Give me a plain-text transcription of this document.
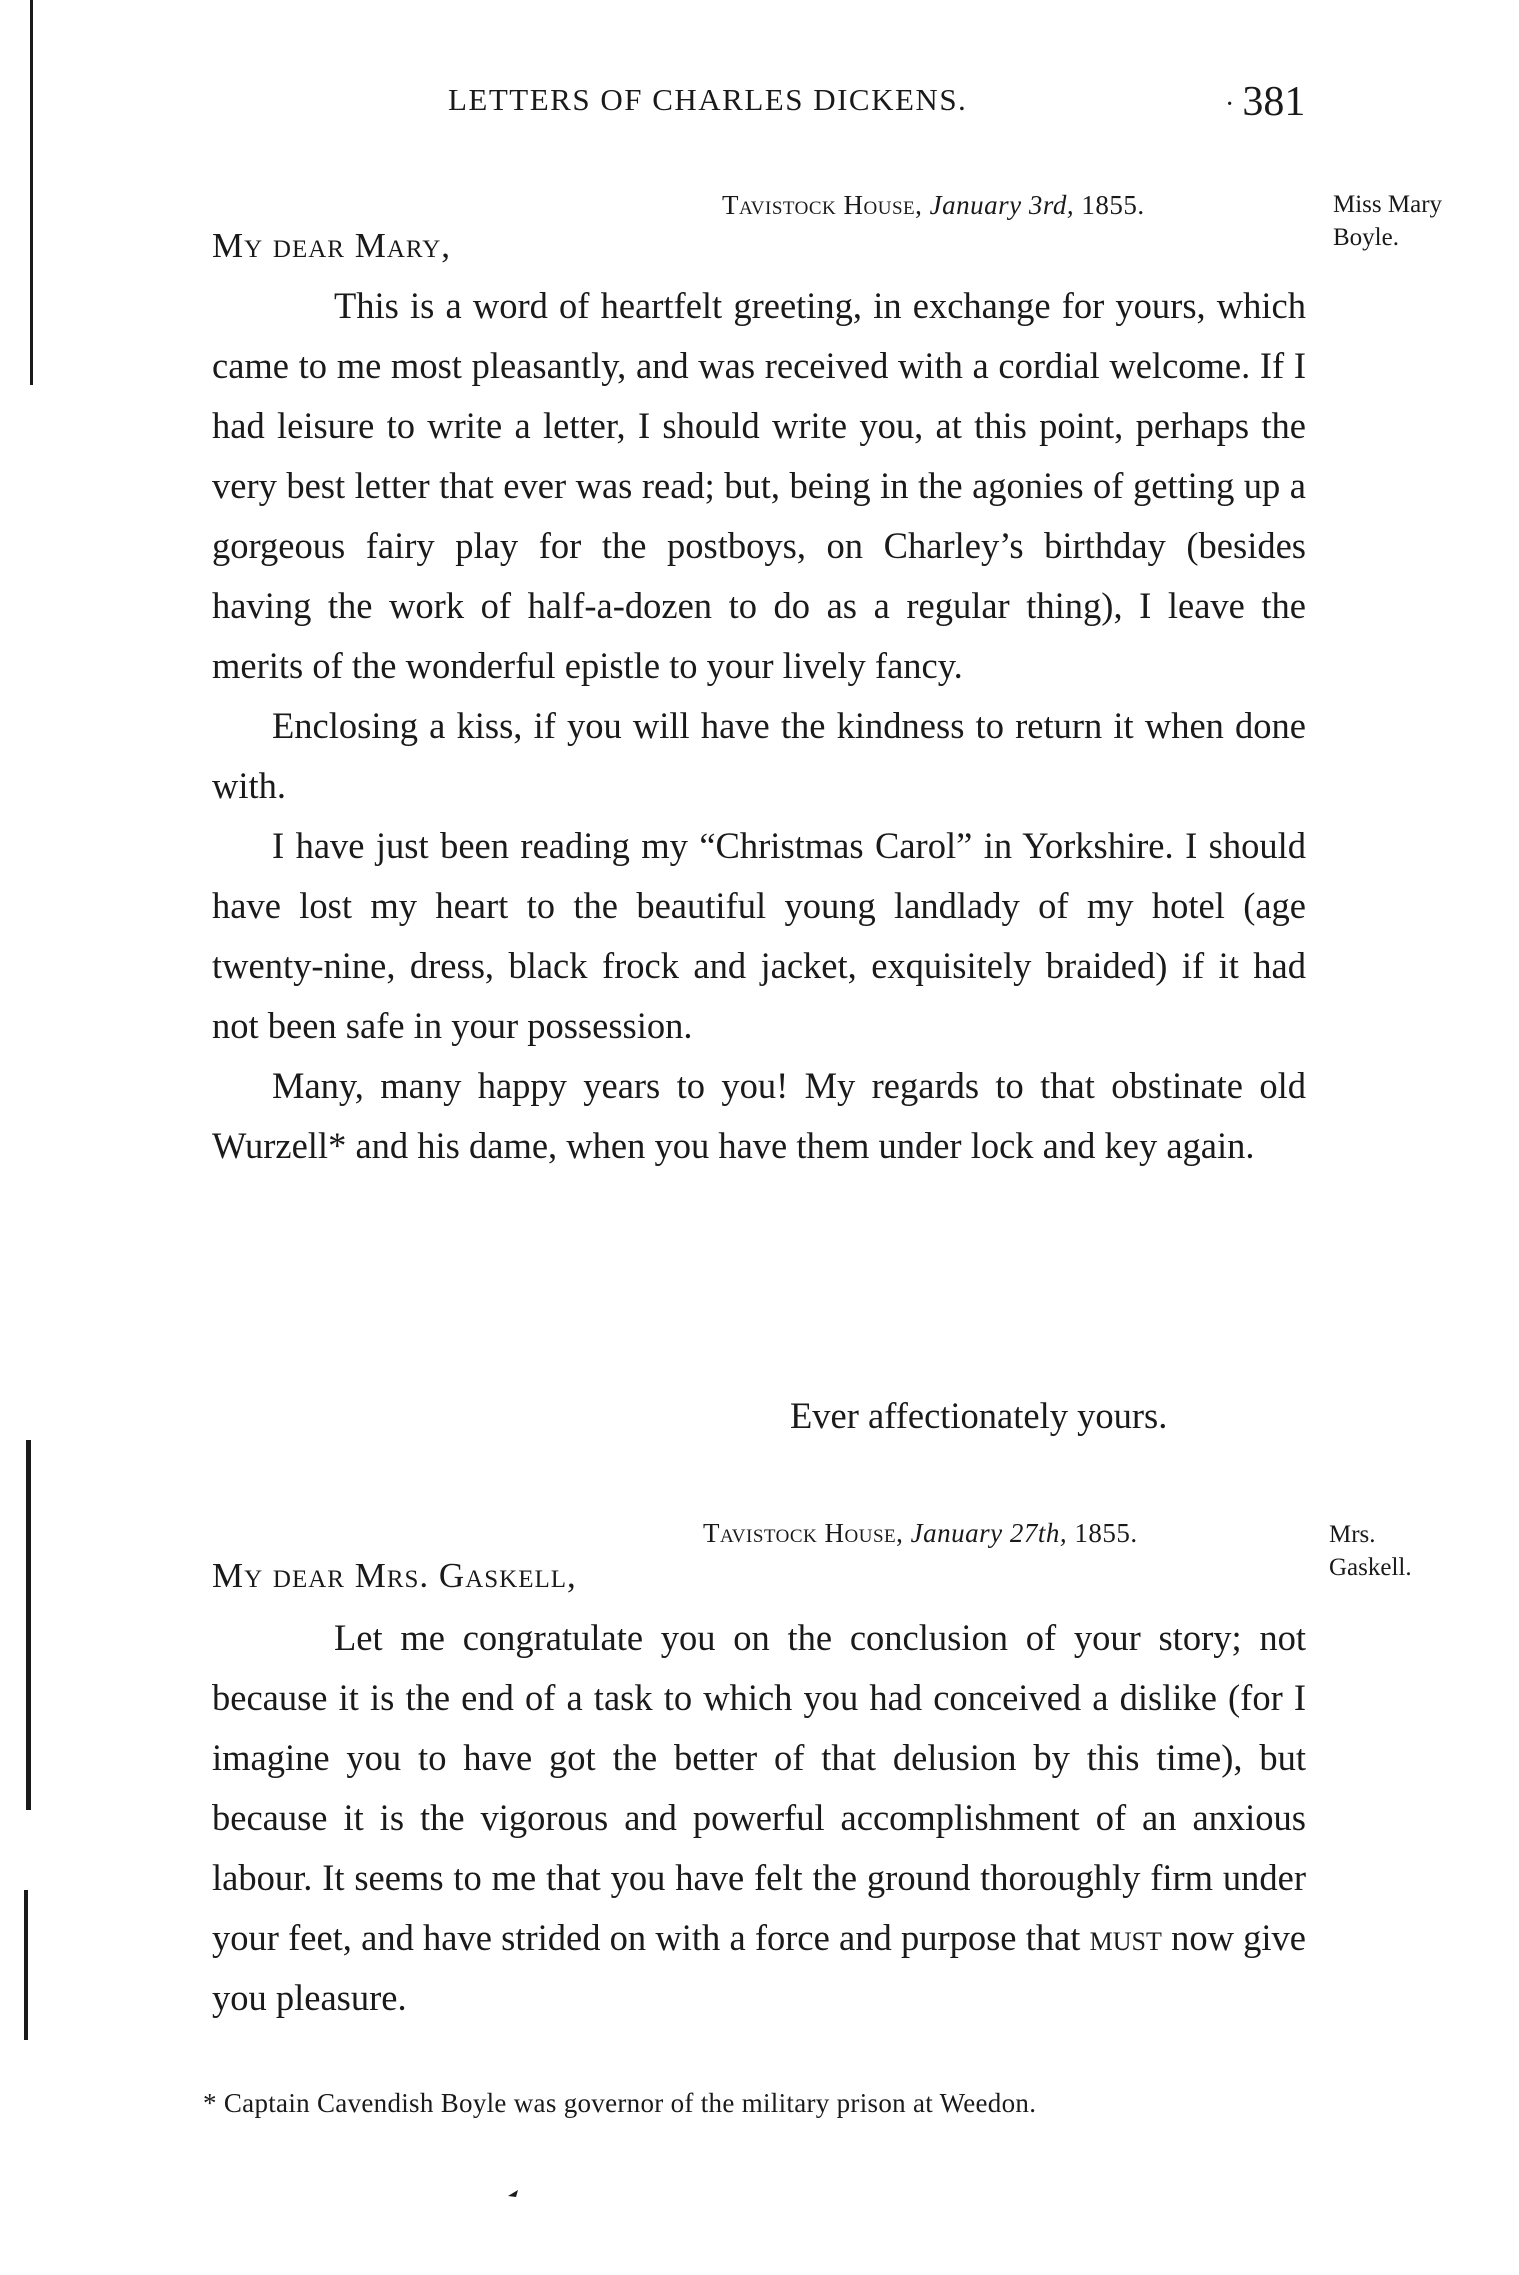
LETTERS OF CHARLES DICKENS.	· 381
Tavistock House, January 3rd, 1855.	Miss Mary Boyle.
My dear Mary,

This is a word of heartfelt greeting, in exchange for yours, which came to me most pleasantly, and was received with a cordial welcome. If I had leisure to write a letter, I should write you, at this point, perhaps the very best letter that ever was read; but, being in the agonies of getting up a gorgeous fairy play for the postboys, on Charley’s birthday (besides having the work of half-a-dozen to do as a regular thing), I leave the merits of the wonderful epistle to your lively fancy.

Enclosing a kiss, if you will have the kindness to return it when done with.

I have just been reading my “Christmas Carol” in Yorkshire. I should have lost my heart to the beautiful young landlady of my hotel (age twenty-nine, dress, black frock and jacket, exquisitely braided) if it had not been safe in your possession.

Many, many happy years to you! My regards to that obstinate old Wurzell* and his dame, when you have them under lock and key again.

Ever affectionately yours.
Tavistock House, January 27th, 1855.	Mrs. Gaskell.
My dear Mrs. Gaskell,

Let me congratulate you on the conclusion of your story; not because it is the end of a task to which you had conceived a dislike (for I imagine you to have got the better of that delusion by this time), but because it is the vigorous and powerful accomplishment of an anxious labour. It seems to me that you have felt the ground thoroughly firm under your feet, and have strided on with a force and purpose that must now give you pleasure.

* Captain Cavendish Boyle was governor of the military prison at Weedon.
